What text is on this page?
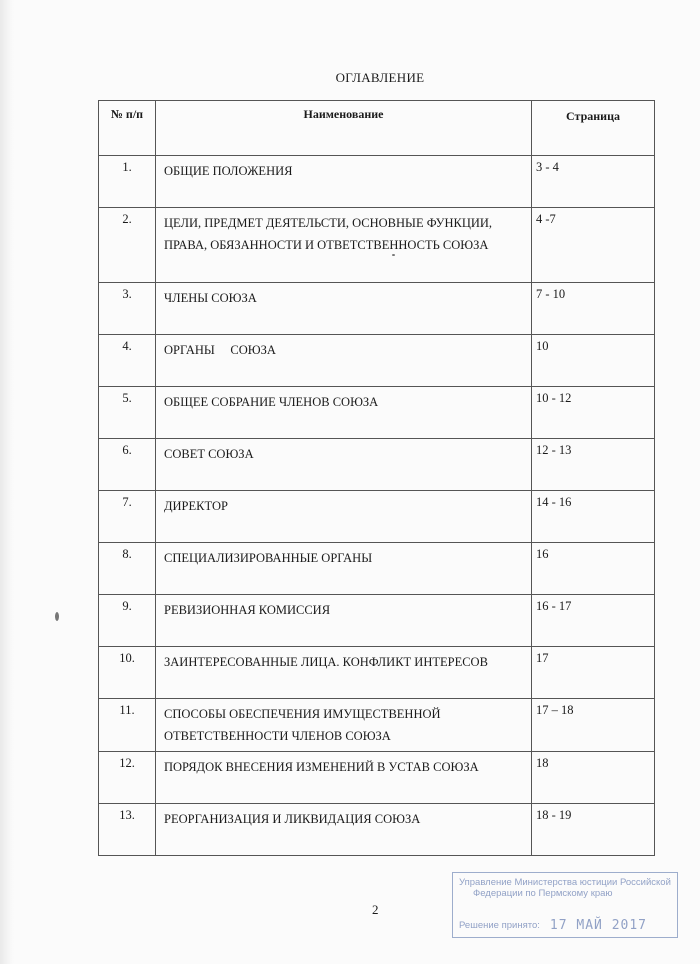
ОГЛАВЛЕНИЕ
№ п/п	Наименование	Страница
1.	ОБЩИЕ ПОЛОЖЕНИЯ	3 - 4
2.	ЦЕЛИ, ПРЕДМЕТ ДЕЯТЕЛЬСТИ, ОСНОВНЫЕ ФУНКЦИИ, ПРАВА, ОБЯЗАННОСТИ И ОТВЕТСТВЕННОСТЬ СОЮЗА	4 -7
3.	ЧЛЕНЫ СОЮЗА	7 - 10
4.	ОРГАНЫ     СОЮЗА	10
5.	ОБЩЕЕ СОБРАНИЕ ЧЛЕНОВ СОЮЗА	10 - 12
6.	СОВЕТ СОЮЗА	12 - 13
7.	ДИРЕКТОР	14 - 16
8.	СПЕЦИАЛИЗИРОВАННЫЕ ОРГАНЫ	16
9.	РЕВИЗИОННАЯ КОМИССИЯ	16 - 17
10.	ЗАИНТЕРЕСОВАННЫЕ ЛИЦА. КОНФЛИКТ ИНТЕРЕСОВ	17
11.	СПОСОБЫ ОБЕСПЕЧЕНИЯ ИМУЩЕСТВЕННОЙ ОТВЕТСТВЕННОСТИ ЧЛЕНОВ СОЮЗА	17 – 18
12.	ПОРЯДОК ВНЕСЕНИЯ ИЗМЕНЕНИЙ В УСТАВ СОЮЗА	18
13.	РЕОРГАНИЗАЦИЯ И ЛИКВИДАЦИЯ СОЮЗА	18 - 19
2
Управление Министерства юстиции Российской
Федерации по Пермскому краю
Решение принято: 17 МАЙ 2017
